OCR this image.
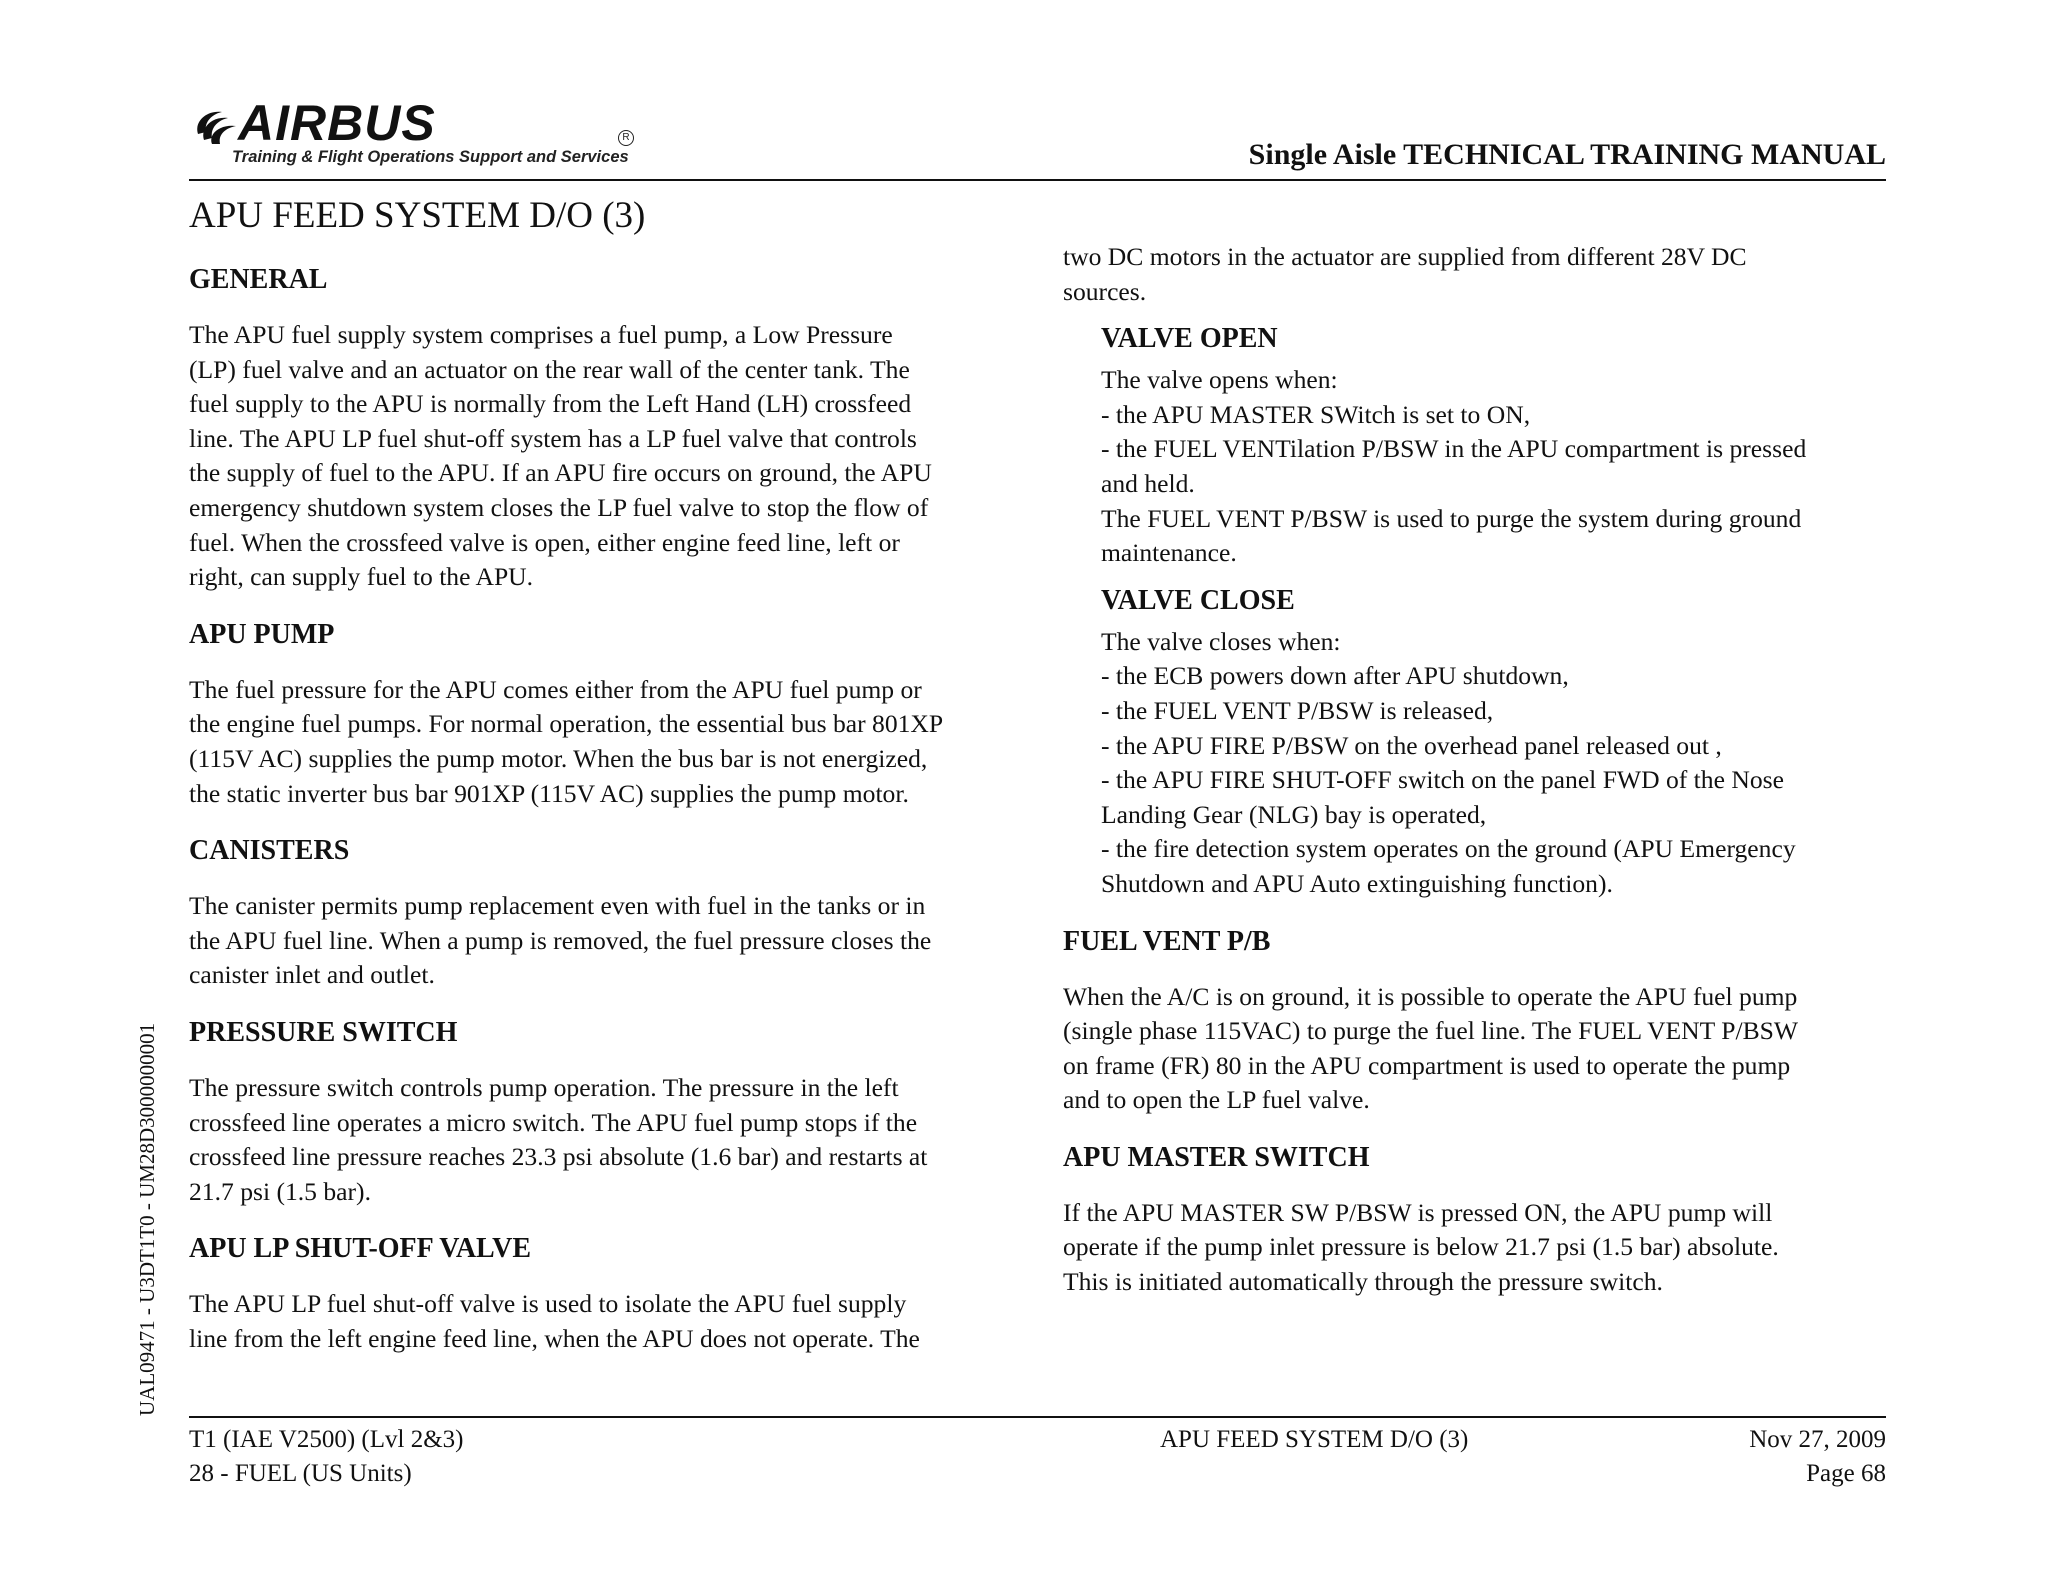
AIRBUS	R
Training & Flight Operations Support and Services	Single Aisle TECHNICAL TRAINING MANUAL
APU FEED SYSTEM D/O (3)
UAL09471 - U3DT1T0 - UM28D3000000001
GENERAL

The APU fuel supply system comprises a fuel pump, a Low Pressure

(LP) fuel valve and an actuator on the rear wall of the center tank. The

fuel supply to the APU is normally from the Left Hand (LH) crossfeed

line. The APU LP fuel shut-off system has a LP fuel valve that controls

the supply of fuel to the APU. If an APU fire occurs on ground, the APU

emergency shutdown system closes the LP fuel valve to stop the flow of

fuel. When the crossfeed valve is open, either engine feed line, left or

right, can supply fuel to the APU.

APU PUMP

The fuel pressure for the APU comes either from the APU fuel pump or

the engine fuel pumps. For normal operation, the essential bus bar 801XP

(115V AC) supplies the pump motor. When the bus bar is not energized,

the static inverter bus bar 901XP (115V AC) supplies the pump motor.

CANISTERS

The canister permits pump replacement even with fuel in the tanks or in

the APU fuel line. When a pump is removed, the fuel pressure closes the

canister inlet and outlet.

PRESSURE SWITCH

The pressure switch controls pump operation. The pressure in the left

crossfeed line operates a micro switch. The APU fuel pump stops if the

crossfeed line pressure reaches 23.3 psi absolute (1.6 bar) and restarts at

21.7 psi (1.5 bar).

APU LP SHUT-OFF VALVE

The APU LP fuel shut-off valve is used to isolate the APU fuel supply

line from the left engine feed line, when the APU does not operate. The

two DC motors in the actuator are supplied from different 28V DC

sources.

VALVE OPEN

The valve opens when:

- the APU MASTER SWitch is set to ON,

- the FUEL VENTilation P/BSW in the APU compartment is pressed

and held.

The FUEL VENT P/BSW is used to purge the system during ground

maintenance.

VALVE CLOSE

The valve closes when:

- the ECB powers down after APU shutdown,

- the FUEL VENT P/BSW is released,

- the APU FIRE P/BSW on the overhead panel released out ,

- the APU FIRE SHUT-OFF switch on the panel FWD of the Nose

Landing Gear (NLG) bay is operated,

- the fire detection system operates on the ground (APU Emergency

Shutdown and APU Auto extinguishing function).

FUEL VENT P/B

When the A/C is on ground, it is possible to operate the APU fuel pump

(single phase 115VAC) to purge the fuel line. The FUEL VENT P/BSW

on frame (FR) 80 in the APU compartment is used to operate the pump

and to open the LP fuel valve.

APU MASTER SWITCH

If the APU MASTER SW P/BSW is pressed ON, the APU pump will

operate if the pump inlet pressure is below 21.7 psi (1.5 bar) absolute.

This is initiated automatically through the pressure switch.

T1 (IAE V2500) (Lvl 2&3)
28 - FUEL (US Units)
APU FEED SYSTEM D/O (3)	Nov 27, 2009
Page 68
